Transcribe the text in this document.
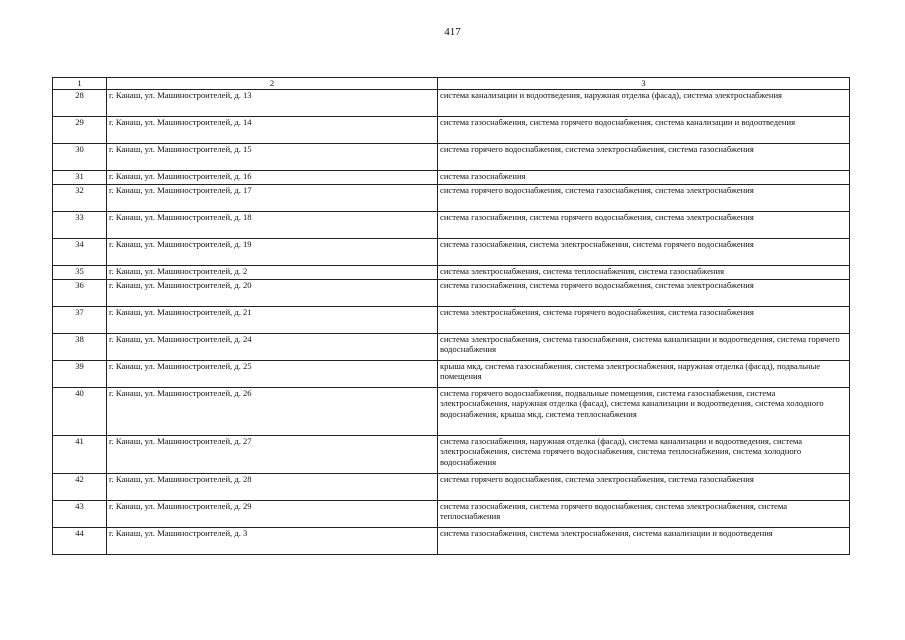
417
1	2	3
28	г. Канаш, ул. Машиностроителей, д. 13	система канализации и водоотведения, наружная отделка (фасад), система электроснабжения
29	г. Канаш, ул. Машиностроителей, д. 14	система газоснабжения, система горячего водоснабжения, система канализации и водоотведения
30	г. Канаш, ул. Машиностроителей, д. 15	система горячего водоснабжения, система электроснабжения, система газоснабжения
31	г. Канаш, ул. Машиностроителей, д. 16	система газоснабжения
32	г. Канаш, ул. Машиностроителей, д. 17	система горячего водоснабжения, система газоснабжения, система электроснабжения
33	г. Канаш, ул. Машиностроителей, д. 18	система газоснабжения, система горячего водоснабжения, система электроснабжения
34	г. Канаш, ул. Машиностроителей, д. 19	система газоснабжения, система электроснабжения, система горячего водоснабжения
35	г. Канаш, ул. Машиностроителей, д. 2	система электроснабжения, система теплоснабжения, система газоснабжения
36	г. Канаш, ул. Машиностроителей, д. 20	система газоснабжения, система горячего водоснабжения, система электроснабжения
37	г. Канаш, ул. Машиностроителей, д. 21	система электроснабжения, система горячего водоснабжения, система газоснабжения
38	г. Канаш, ул. Машиностроителей, д. 24	система электроснабжения, система газоснабжения, система канализации и водоотведения, система горячего водоснабжения
39	г. Канаш, ул. Машиностроителей, д. 25	крыша мкд, система газоснабжения, система электроснабжения, наружная отделка (фасад), подвальные помещения
40	г. Канаш, ул. Машиностроителей, д. 26	система горячего водоснабжения, подвальные помещения, система газоснабжения, система электроснабжения, наружная отделка (фасад), система канализации и водоотведения, система холодного водоснабжения, крыша мкд, система теплоснабжения
41	г. Канаш, ул. Машиностроителей, д. 27	система газоснабжения, наружная отделка (фасад), система канализации и водоотведения, система электроснабжения, система горячего водоснабжения, система теплоснабжения, система холодного водоснабжения
42	г. Канаш, ул. Машиностроителей, д. 28	система горячего водоснабжения, система электроснабжения, система газоснабжения
43	г. Канаш, ул. Машиностроителей, д. 29	система газоснабжения, система горячего водоснабжения, система электроснабжения, система теплоснабжения
44	г. Канаш, ул. Машиностроителей, д. 3	система газоснабжения, система электроснабжения, система канализации и водоотведения
